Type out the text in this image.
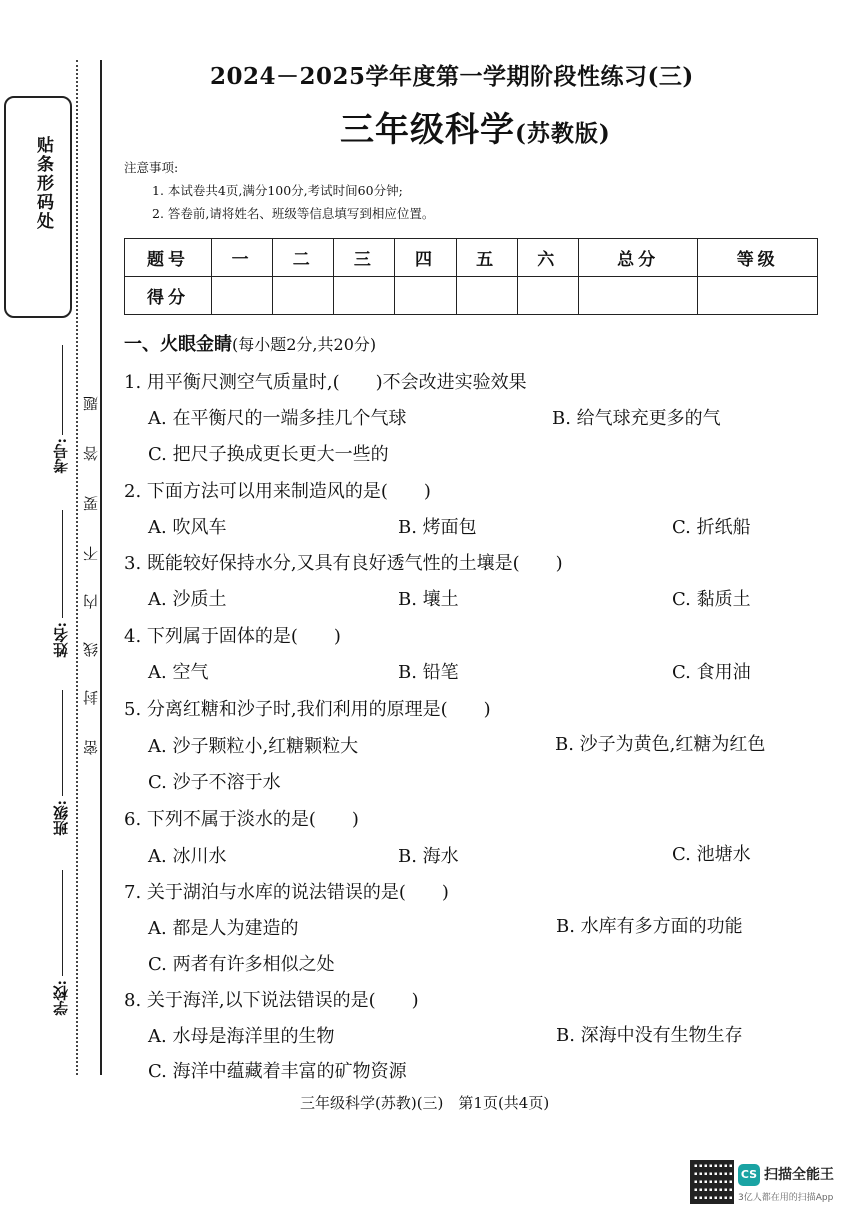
贴条形码处
考号:
姓名:
班级:
学校:
题
答
要
不
内
线
封
密
2024－2025学年度第一学期阶段性练习(三)
三年级科学(苏教版)
注意事项:
1. 本试卷共4页,满分100分,考试时间60分钟;
2. 答卷前,请将姓名、班级等信息填写到相应位置。
题号	一	二	三	四	五	六	总分	等级
得分								
一、火眼金睛(每小题2分,共20分)
1. 用平衡尺测空气质量时,(　　)不会改进实验效果
A. 在平衡尺的一端多挂几个气球	B. 给气球充更多的气
C. 把尺子换成更长更大一些的
2. 下面方法可以用来制造风的是(　　)
A. 吹风车	B. 烤面包	C. 折纸船
3. 既能较好保持水分,又具有良好透气性的土壤是(　　)
A. 沙质土	B. 壤土	C. 黏质土
4. 下列属于固体的是(　　)
A. 空气	B. 铅笔	C. 食用油
5. 分离红糖和沙子时,我们利用的原理是(　　)
A. 沙子颗粒小,红糖颗粒大	B. 沙子为黄色,红糖为红色
C. 沙子不溶于水
6. 下列不属于淡水的是(　　)
A. 冰川水	B. 海水	C. 池塘水
7. 关于湖泊与水库的说法错误的是(　　)
A. 都是人为建造的	B. 水库有多方面的功能
C. 两者有许多相似之处
8. 关于海洋,以下说法错误的是(　　)
A. 水母是海洋里的生物	B. 深海中没有生物生存
C. 海洋中蕴藏着丰富的矿物资源
三年级科学(苏教)(三)　第1页(共4页)
CS 扫描全能王
3亿人都在用的扫描App
